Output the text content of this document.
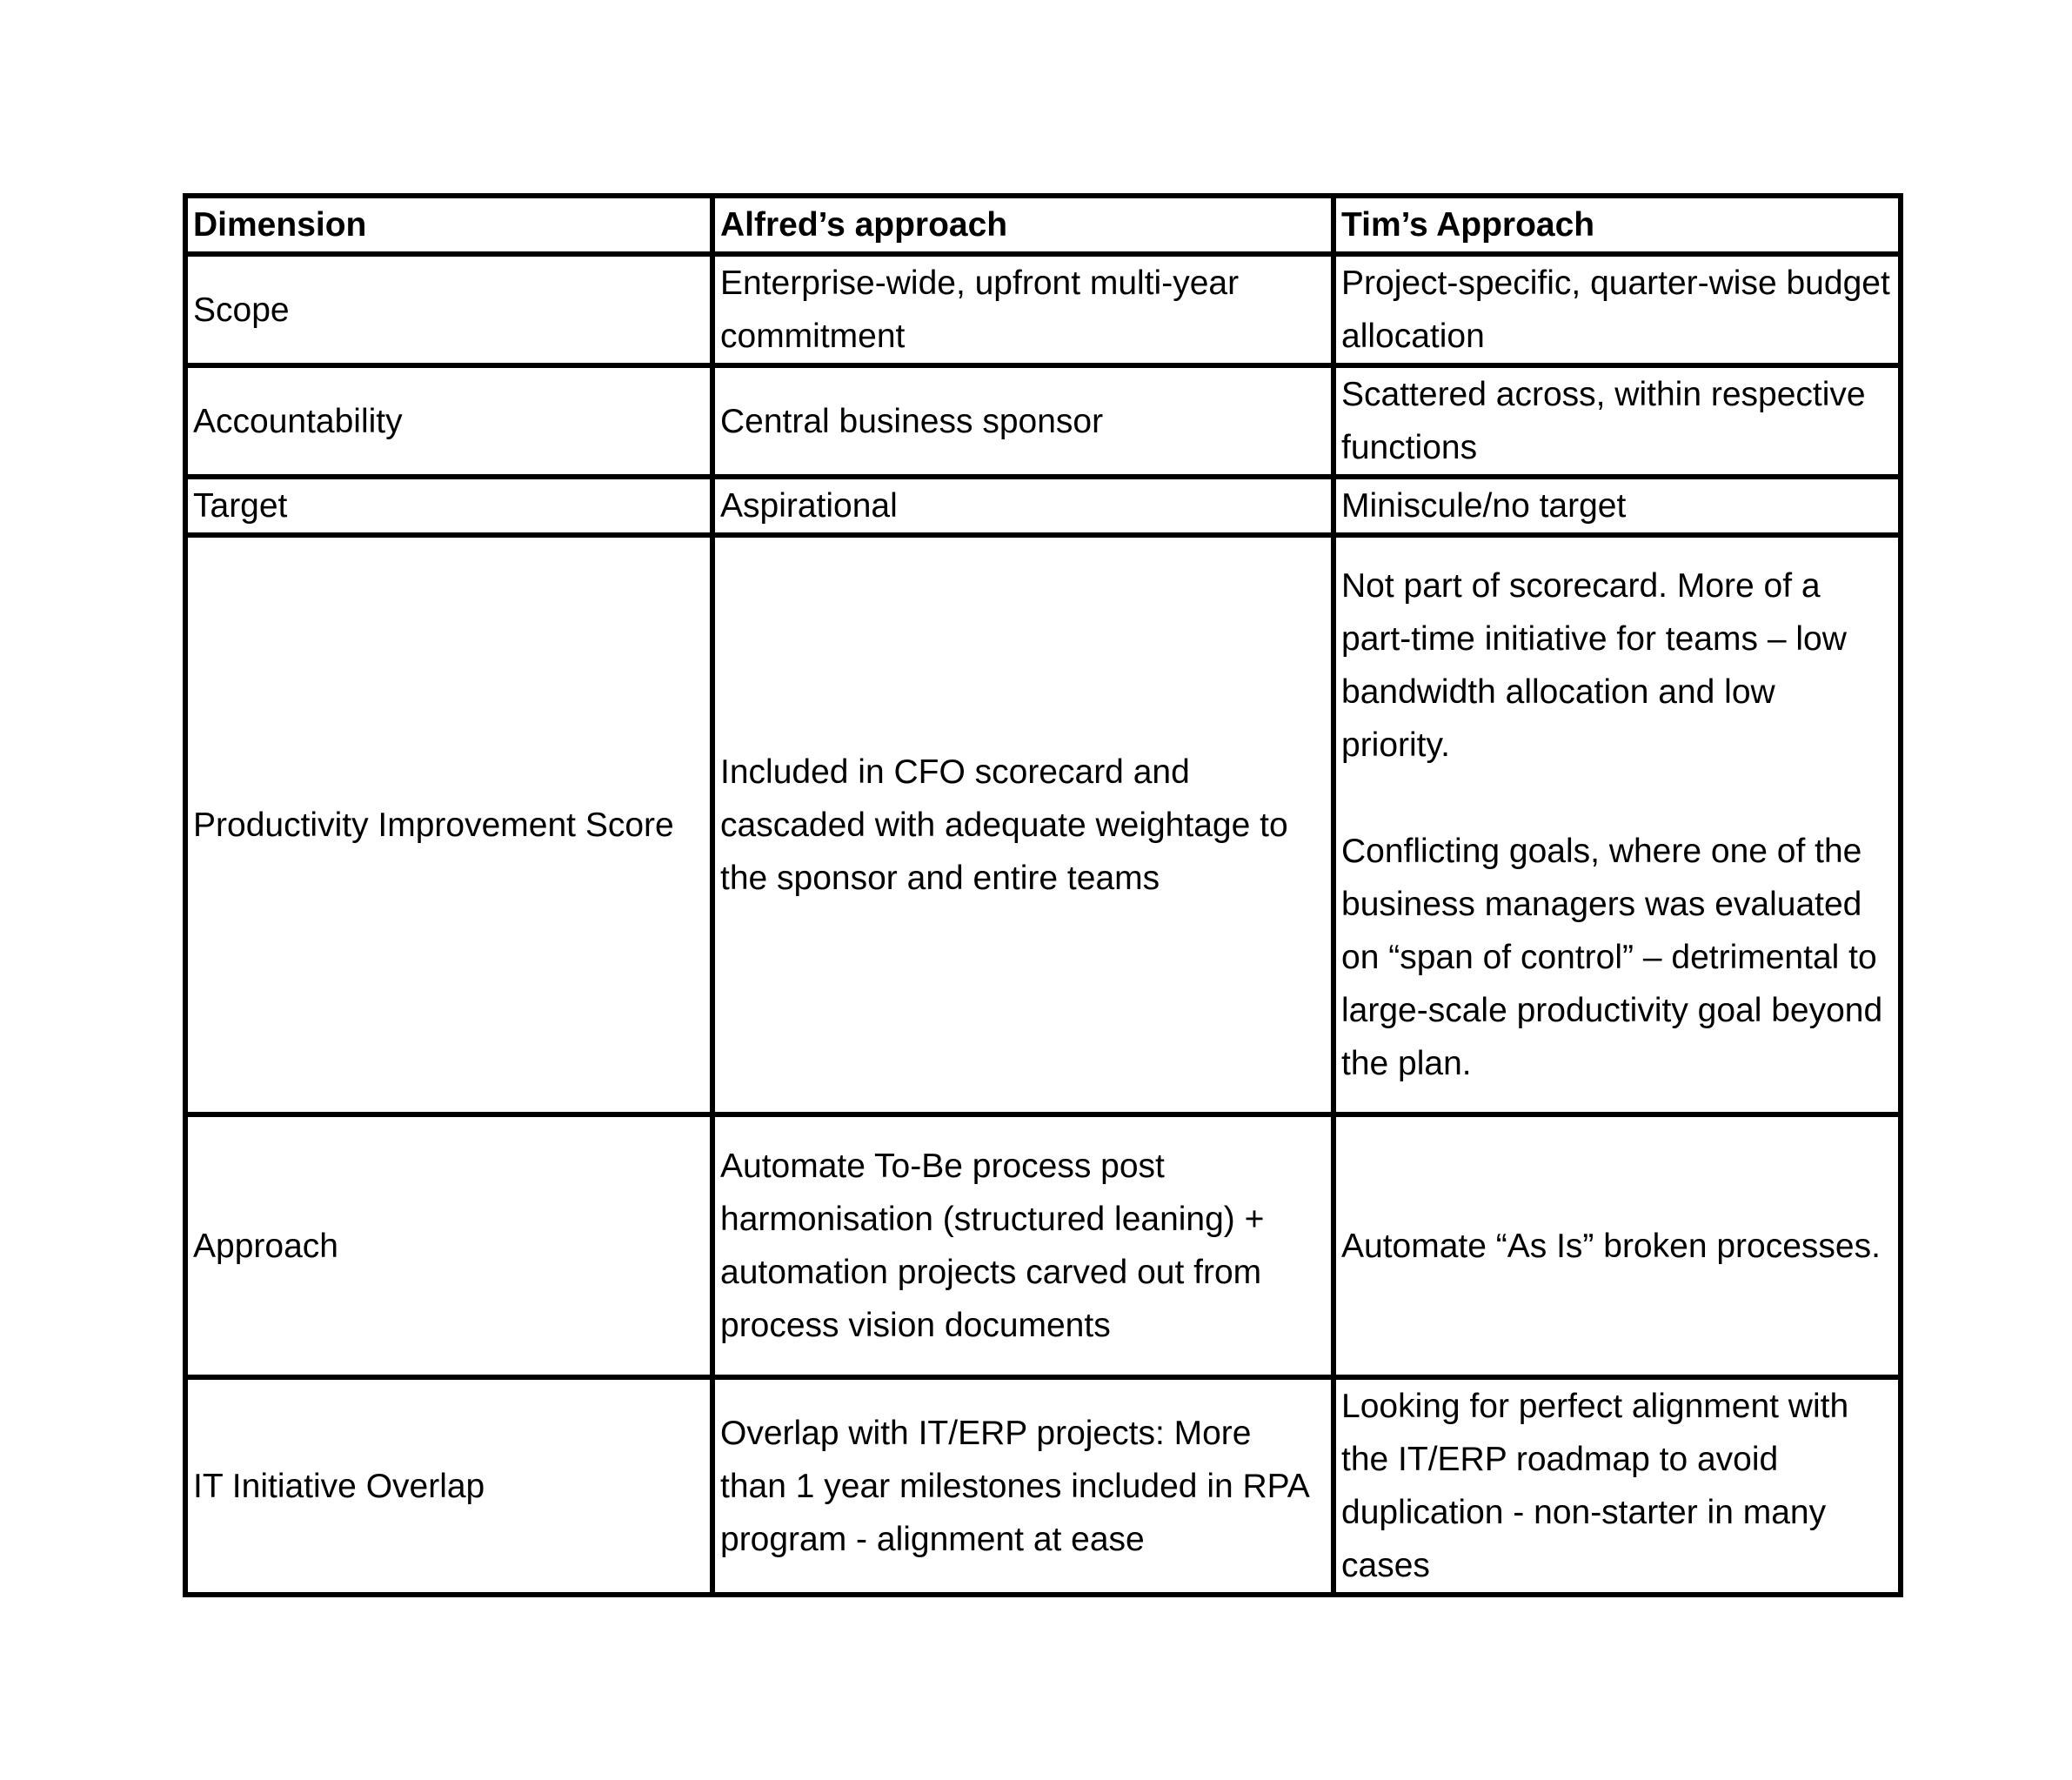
Dimension	Alfred’s approach	Tim’s Approach
Scope	Enterprise-wide, upfront multi-year commitment	Project-specific, quarter-wise budget allocation

Accountability	Central business sponsor	Scattered across, within respective functions

Target	Aspirational	Miniscule/no target

Productivity Improvement Score	Included in CFO scorecard and cascaded with adequate weightage to the sponsor and entire teams	Not part of scorecard. More of a part-time initiative for teams – low bandwidth allocation and low priority.

Conflicting goals, where one of the business managers was evaluated on “span of control” – detrimental to large-scale productivity goal beyond the plan.

Approach	Automate To-Be process post harmonisation (structured leaning) + automation projects carved out from process vision documents	Automate “As Is” broken processes.

IT Initiative Overlap	Overlap with IT/ERP projects: More than 1 year milestones included in RPA program - alignment at ease	Looking for perfect alignment with the IT/ERP roadmap to avoid duplication - non-starter in many cases
